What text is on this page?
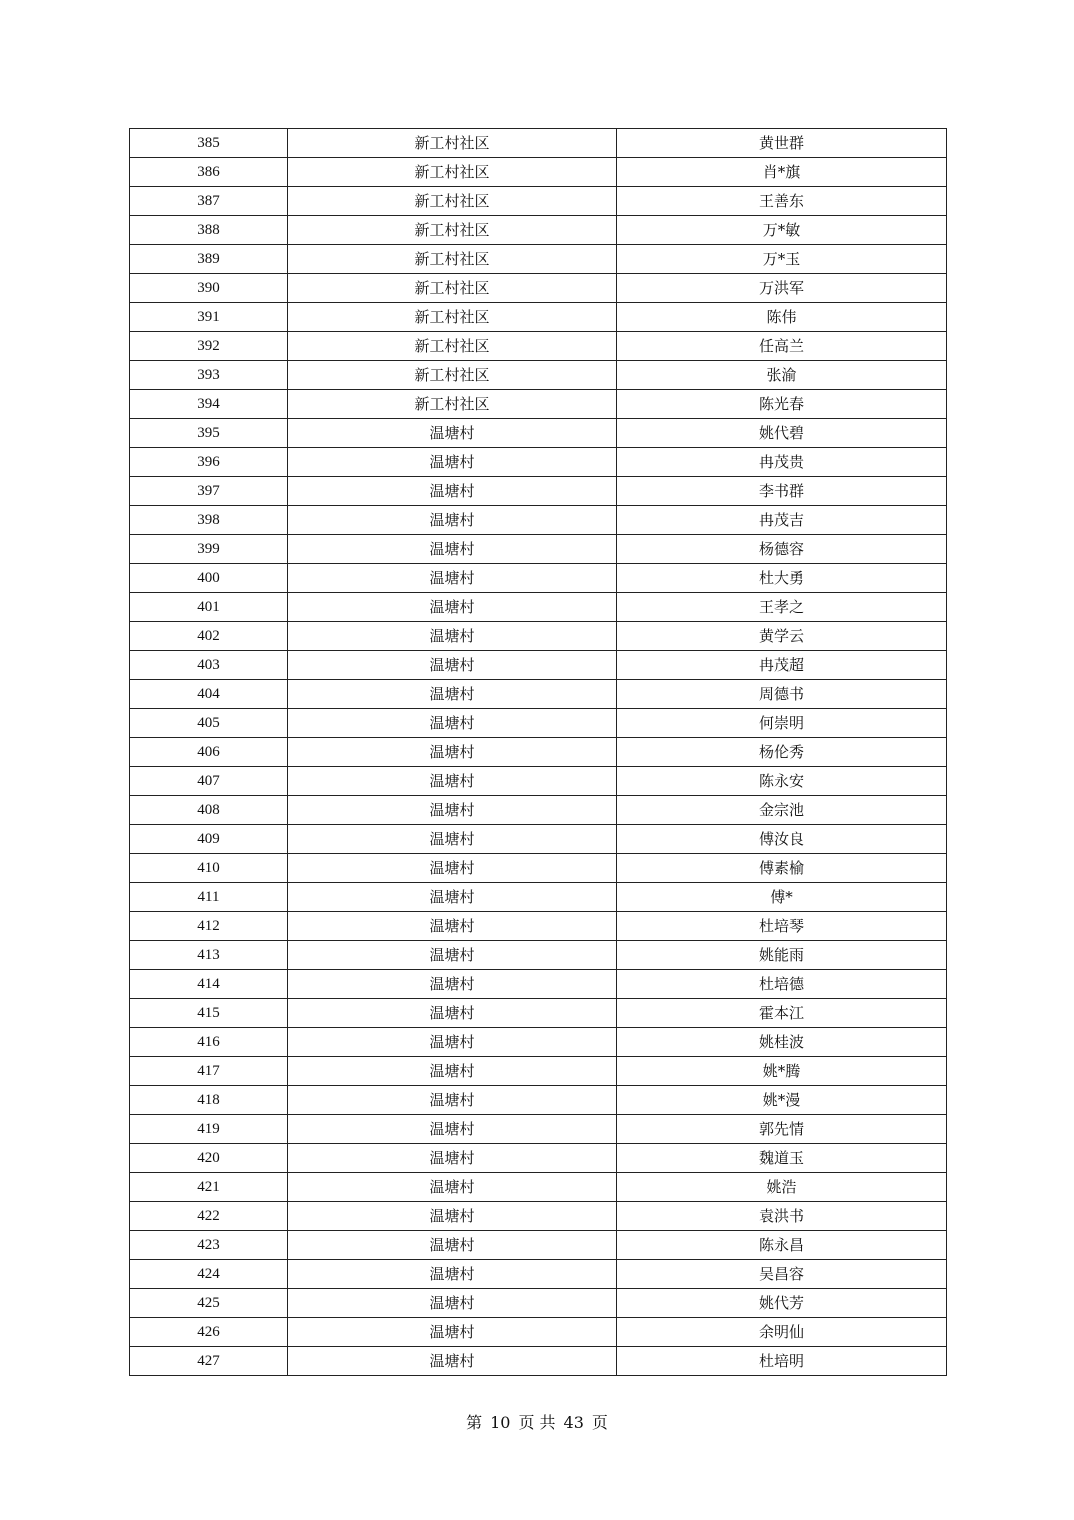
385	新工村社区	黄世群
386	新工村社区	肖*旗
387	新工村社区	王善东
388	新工村社区	万*敏
389	新工村社区	万*玉
390	新工村社区	万洪军
391	新工村社区	陈伟
392	新工村社区	任高兰
393	新工村社区	张渝
394	新工村社区	陈光春
395	温塘村	姚代碧
396	温塘村	冉茂贵
397	温塘村	李书群
398	温塘村	冉茂吉
399	温塘村	杨德容
400	温塘村	杜大勇
401	温塘村	王孝之
402	温塘村	黄学云
403	温塘村	冉茂超
404	温塘村	周德书
405	温塘村	何崇明
406	温塘村	杨伦秀
407	温塘村	陈永安
408	温塘村	金宗池
409	温塘村	傅汝良
410	温塘村	傅素榆
411	温塘村	傅*
412	温塘村	杜培琴
413	温塘村	姚能雨
414	温塘村	杜培德
415	温塘村	霍本江
416	温塘村	姚桂波
417	温塘村	姚*腾
418	温塘村	姚*漫
419	温塘村	郭先情
420	温塘村	魏道玉
421	温塘村	姚浩
422	温塘村	袁洪书
423	温塘村	陈永昌
424	温塘村	吴昌容
425	温塘村	姚代芳
426	温塘村	余明仙
427	温塘村	杜培明
第 10 页 共 43 页
